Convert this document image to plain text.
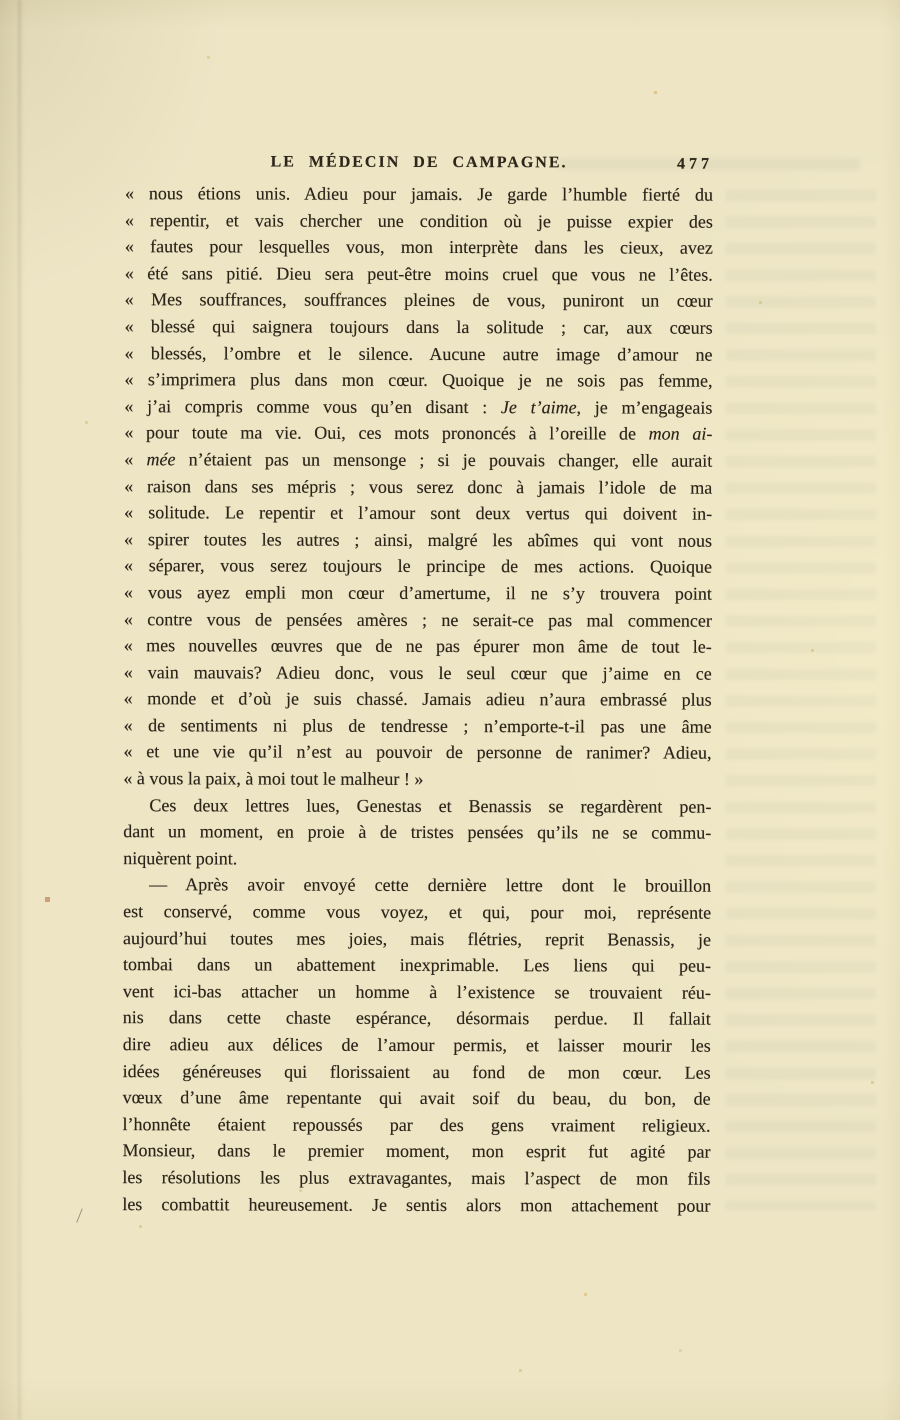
LE MÉDECIN DE CAMPAGNE.	477
« nous étions unis. Adieu pour jamais. Je garde l’humble fierté du
« repentir, et vais chercher une condition où je puisse expier des
« fautes pour lesquelles vous, mon interprète dans les cieux, avez
« été sans pitié. Dieu sera peut-être moins cruel que vous ne l’êtes.
« Mes souffrances, souffrances pleines de vous, puniront un cœur
« blessé qui saignera toujours dans la solitude ; car, aux cœurs
« blessés, l’ombre et le silence. Aucune autre image d’amour ne
« s’imprimera plus dans mon cœur. Quoique je ne sois pas femme,
« j’ai compris comme vous qu’en disant : Je t’aime, je m’engageais
« pour toute ma vie. Oui, ces mots prononcés à l’oreille de mon ai-
« mée n’étaient pas un mensonge ; si je pouvais changer, elle aurait
« raison dans ses mépris ; vous serez donc à jamais l’idole de ma
« solitude. Le repentir et l’amour sont deux vertus qui doivent in-
« spirer toutes les autres ; ainsi, malgré les abîmes qui vont nous
« séparer, vous serez toujours le principe de mes actions. Quoique
« vous ayez empli mon cœur d’amertume, il ne s’y trouvera point
« contre vous de pensées amères ; ne serait-ce pas mal commencer
« mes nouvelles œuvres que de ne pas épurer mon âme de tout le-
« vain mauvais? Adieu donc, vous le seul cœur que j’aime en ce
« monde et d’où je suis chassé. Jamais adieu n’aura embrassé plus
« de sentiments ni plus de tendresse ; n’emporte-t-il pas une âme
« et une vie qu’il n’est au pouvoir de personne de ranimer? Adieu,
« à vous la paix, à moi tout le malheur ! »
Ces deux lettres lues, Genestas et Benassis se regardèrent pen-
dant un moment, en proie à de tristes pensées qu’ils ne se commu-
niquèrent point.
— Après avoir envoyé cette dernière lettre dont le brouillon
est conservé, comme vous voyez, et qui, pour moi, représente
aujourd’hui toutes mes joies, mais flétries, reprit Benassis, je
tombai dans un abattement inexprimable. Les liens qui peu-
vent ici-bas attacher un homme à l’existence se trouvaient réu-
nis dans cette chaste espérance, désormais perdue. Il fallait
dire adieu aux délices de l’amour permis, et laisser mourir les
idées généreuses qui florissaient au fond de mon cœur. Les
vœux d’une âme repentante qui avait soif du beau, du bon, de
l’honnête étaient repoussés par des gens vraiment religieux.
Monsieur, dans le premier moment, mon esprit fut agité par
les résolutions les plus extravagantes, mais l’aspect de mon fils
les combattit heureusement. Je sentis alors mon attachement pour
